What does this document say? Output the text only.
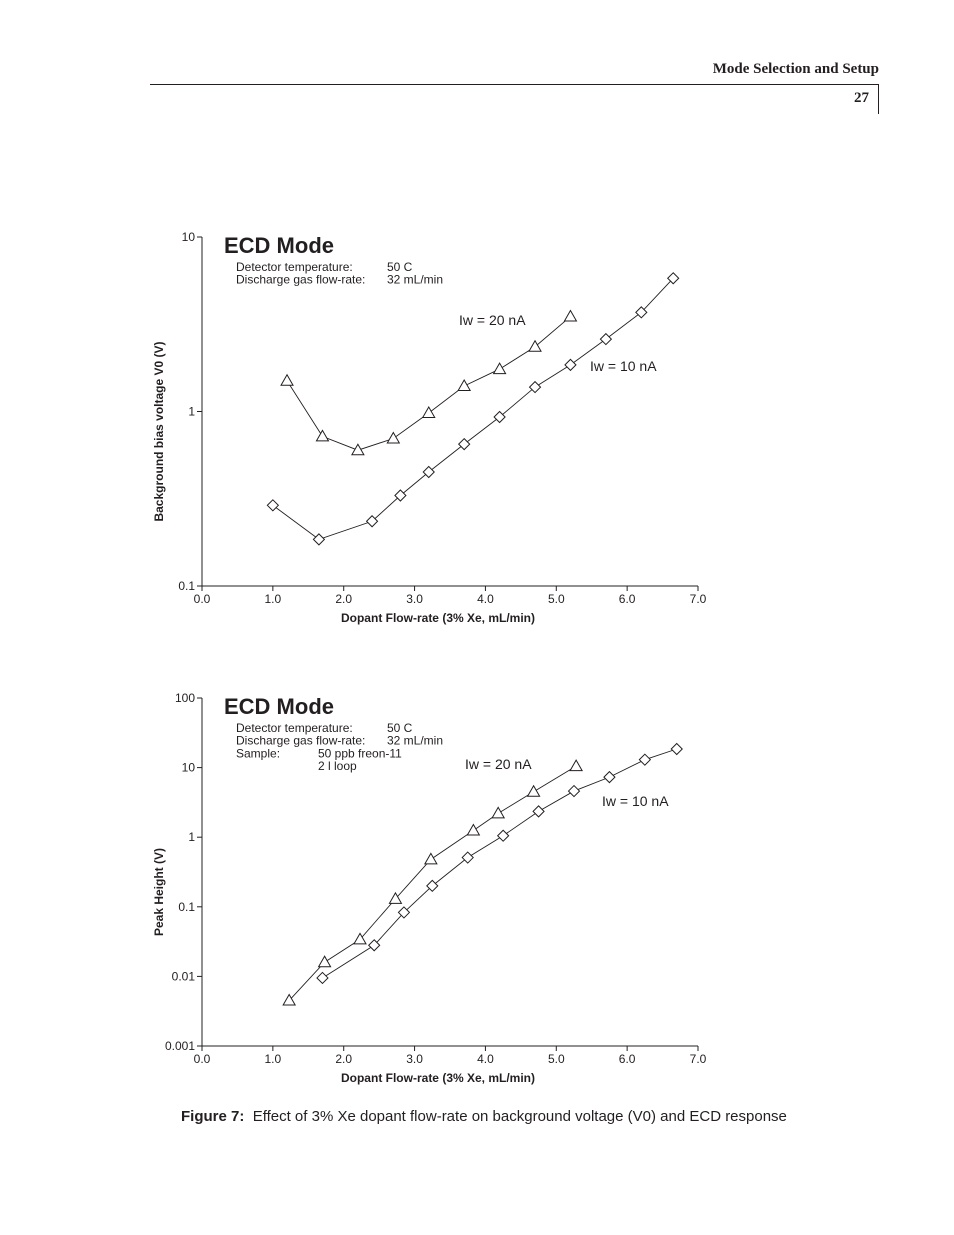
Mode Selection and Setup
27
0.0	1.0	2.0	3.0	4.0	5.0	6.0	7.0
0.1
1
10
Dopant Flow-rate (3% Xe, mL/min)
Background bias voltage V0 (V)
ECD Mode
Detector temperature:	50 C
Discharge gas flow-rate: 32 mL/min
Iw = 20 nA
Iw = 10 nA
0.0	1.0	2.0	3.0	4.0	5.0	6.0	7.0
0.001
0.01
0.1
1
10
100
Dopant Flow-rate (3% Xe, mL/min)
Peak Height (V)
ECD Mode
Detector temperature:	50 C
Discharge gas flow-rate: 32 mL/min
Sample:	50 ppb freon-11
2 l loop	Iw = 20 nA
Iw = 10 nA
Figure 7: Effect of 3% Xe dopant flow-rate on background voltage (V0) and ECD response
